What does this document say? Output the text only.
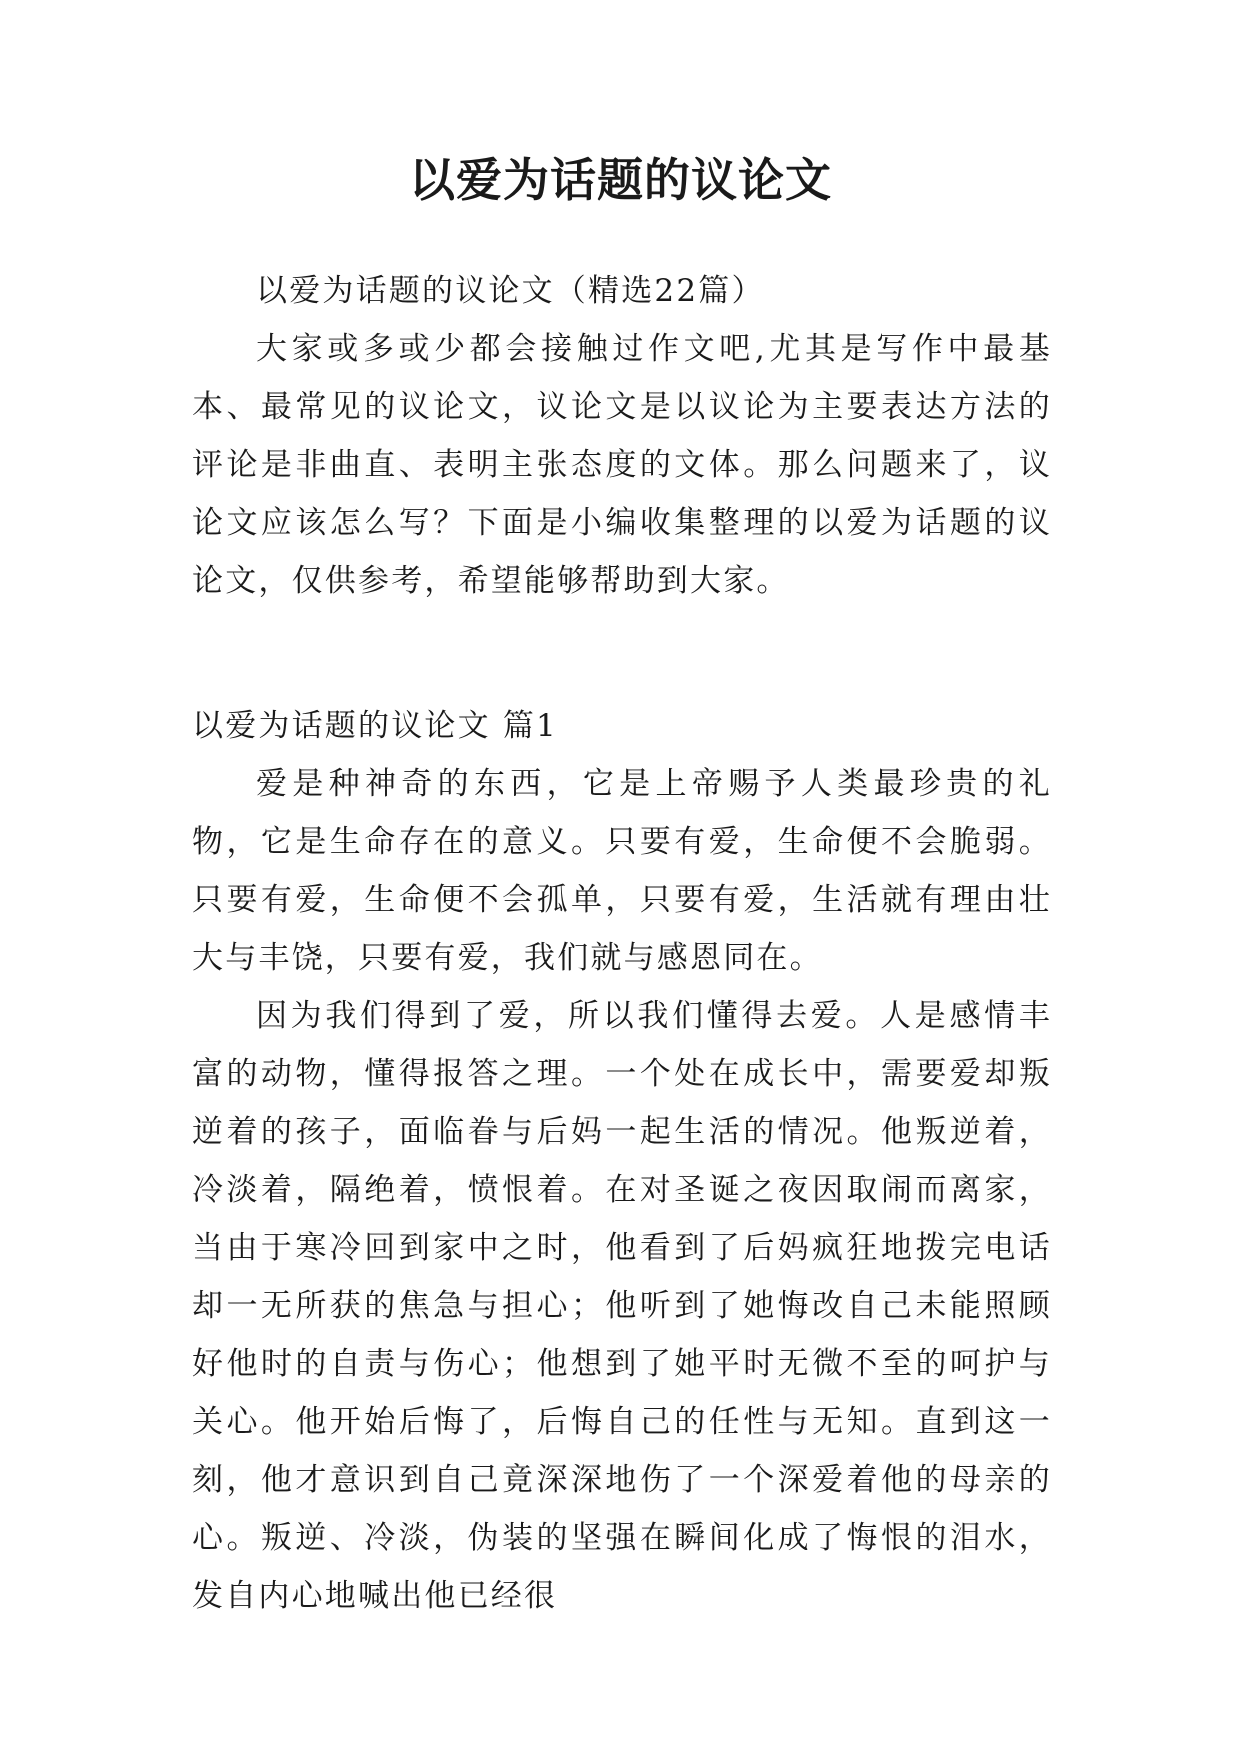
以爱为话题的议论文

以爱为话题的议论文（精选22篇）

大家或多或少都会接触过作文吧,尤其是写作中最基本、最常见的议论文，议论文是以议论为主要表达方法的评论是非曲直、表明主张态度的文体。那么问题来了，议论文应该怎么写？下面是小编收集整理的以爱为话题的议论文，仅供参考，希望能够帮助到大家。

以爱为话题的议论文 篇1

爱是种神奇的东西，它是上帝赐予人类最珍贵的礼物，它是生命存在的意义。只要有爱，生命便不会脆弱。只要有爱，生命便不会孤单，只要有爱，生活就有理由壮大与丰饶，只要有爱，我们就与感恩同在。

因为我们得到了爱，所以我们懂得去爱。人是感情丰富的动物，懂得报答之理。一个处在成长中，需要爱却叛逆着的孩子，面临眷与后妈一起生活的情况。他叛逆着，冷淡着，隔绝着，愤恨着。在对圣诞之夜因取闹而离家，当由于寒冷回到家中之时，他看到了后妈疯狂地拨完电话却一无所获的焦急与担心；他听到了她悔改自己未能照顾好他时的自责与伤心；他想到了她平时无微不至的呵护与关心。他开始后悔了，后悔自己的任性与无知。直到这一刻，他才意识到自己竟深深地伤了一个深爱着他的母亲的心。叛逆、冷淡，伪装的坚强在瞬间化成了悔恨的泪水，发自内心地喊出他已经很
